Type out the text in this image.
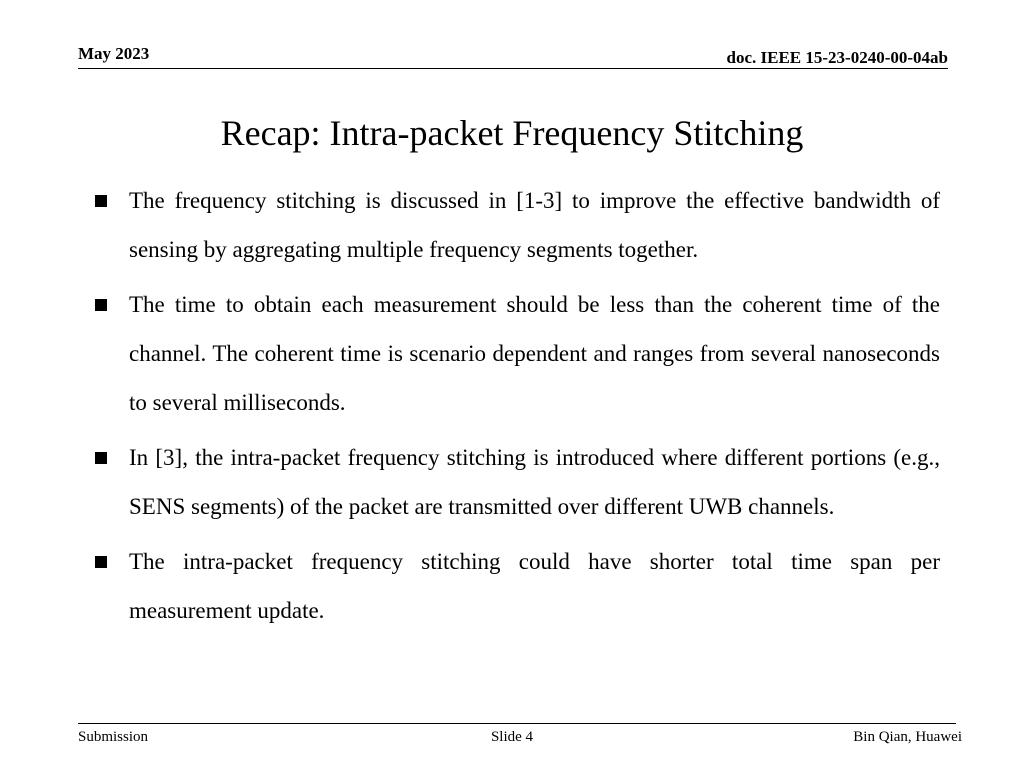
May 2023	doc. IEEE 15-23-0240-00-04ab
Recap: Intra-packet Frequency Stitching
The frequency stitching is discussed in [1-3] to improve the effective bandwidth of sensing by aggregating multiple frequency segments together.
The time to obtain each measurement should be less than the coherent time of the channel. The coherent time is scenario dependent and ranges from several nanoseconds to several milliseconds.
In [3], the intra-packet frequency stitching is introduced where different portions (e.g., SENS segments) of the packet are transmitted over different UWB channels.
The intra-packet frequency stitching could have shorter total time span per measurement update.
Submission	Slide 4	Bin Qian, Huawei
